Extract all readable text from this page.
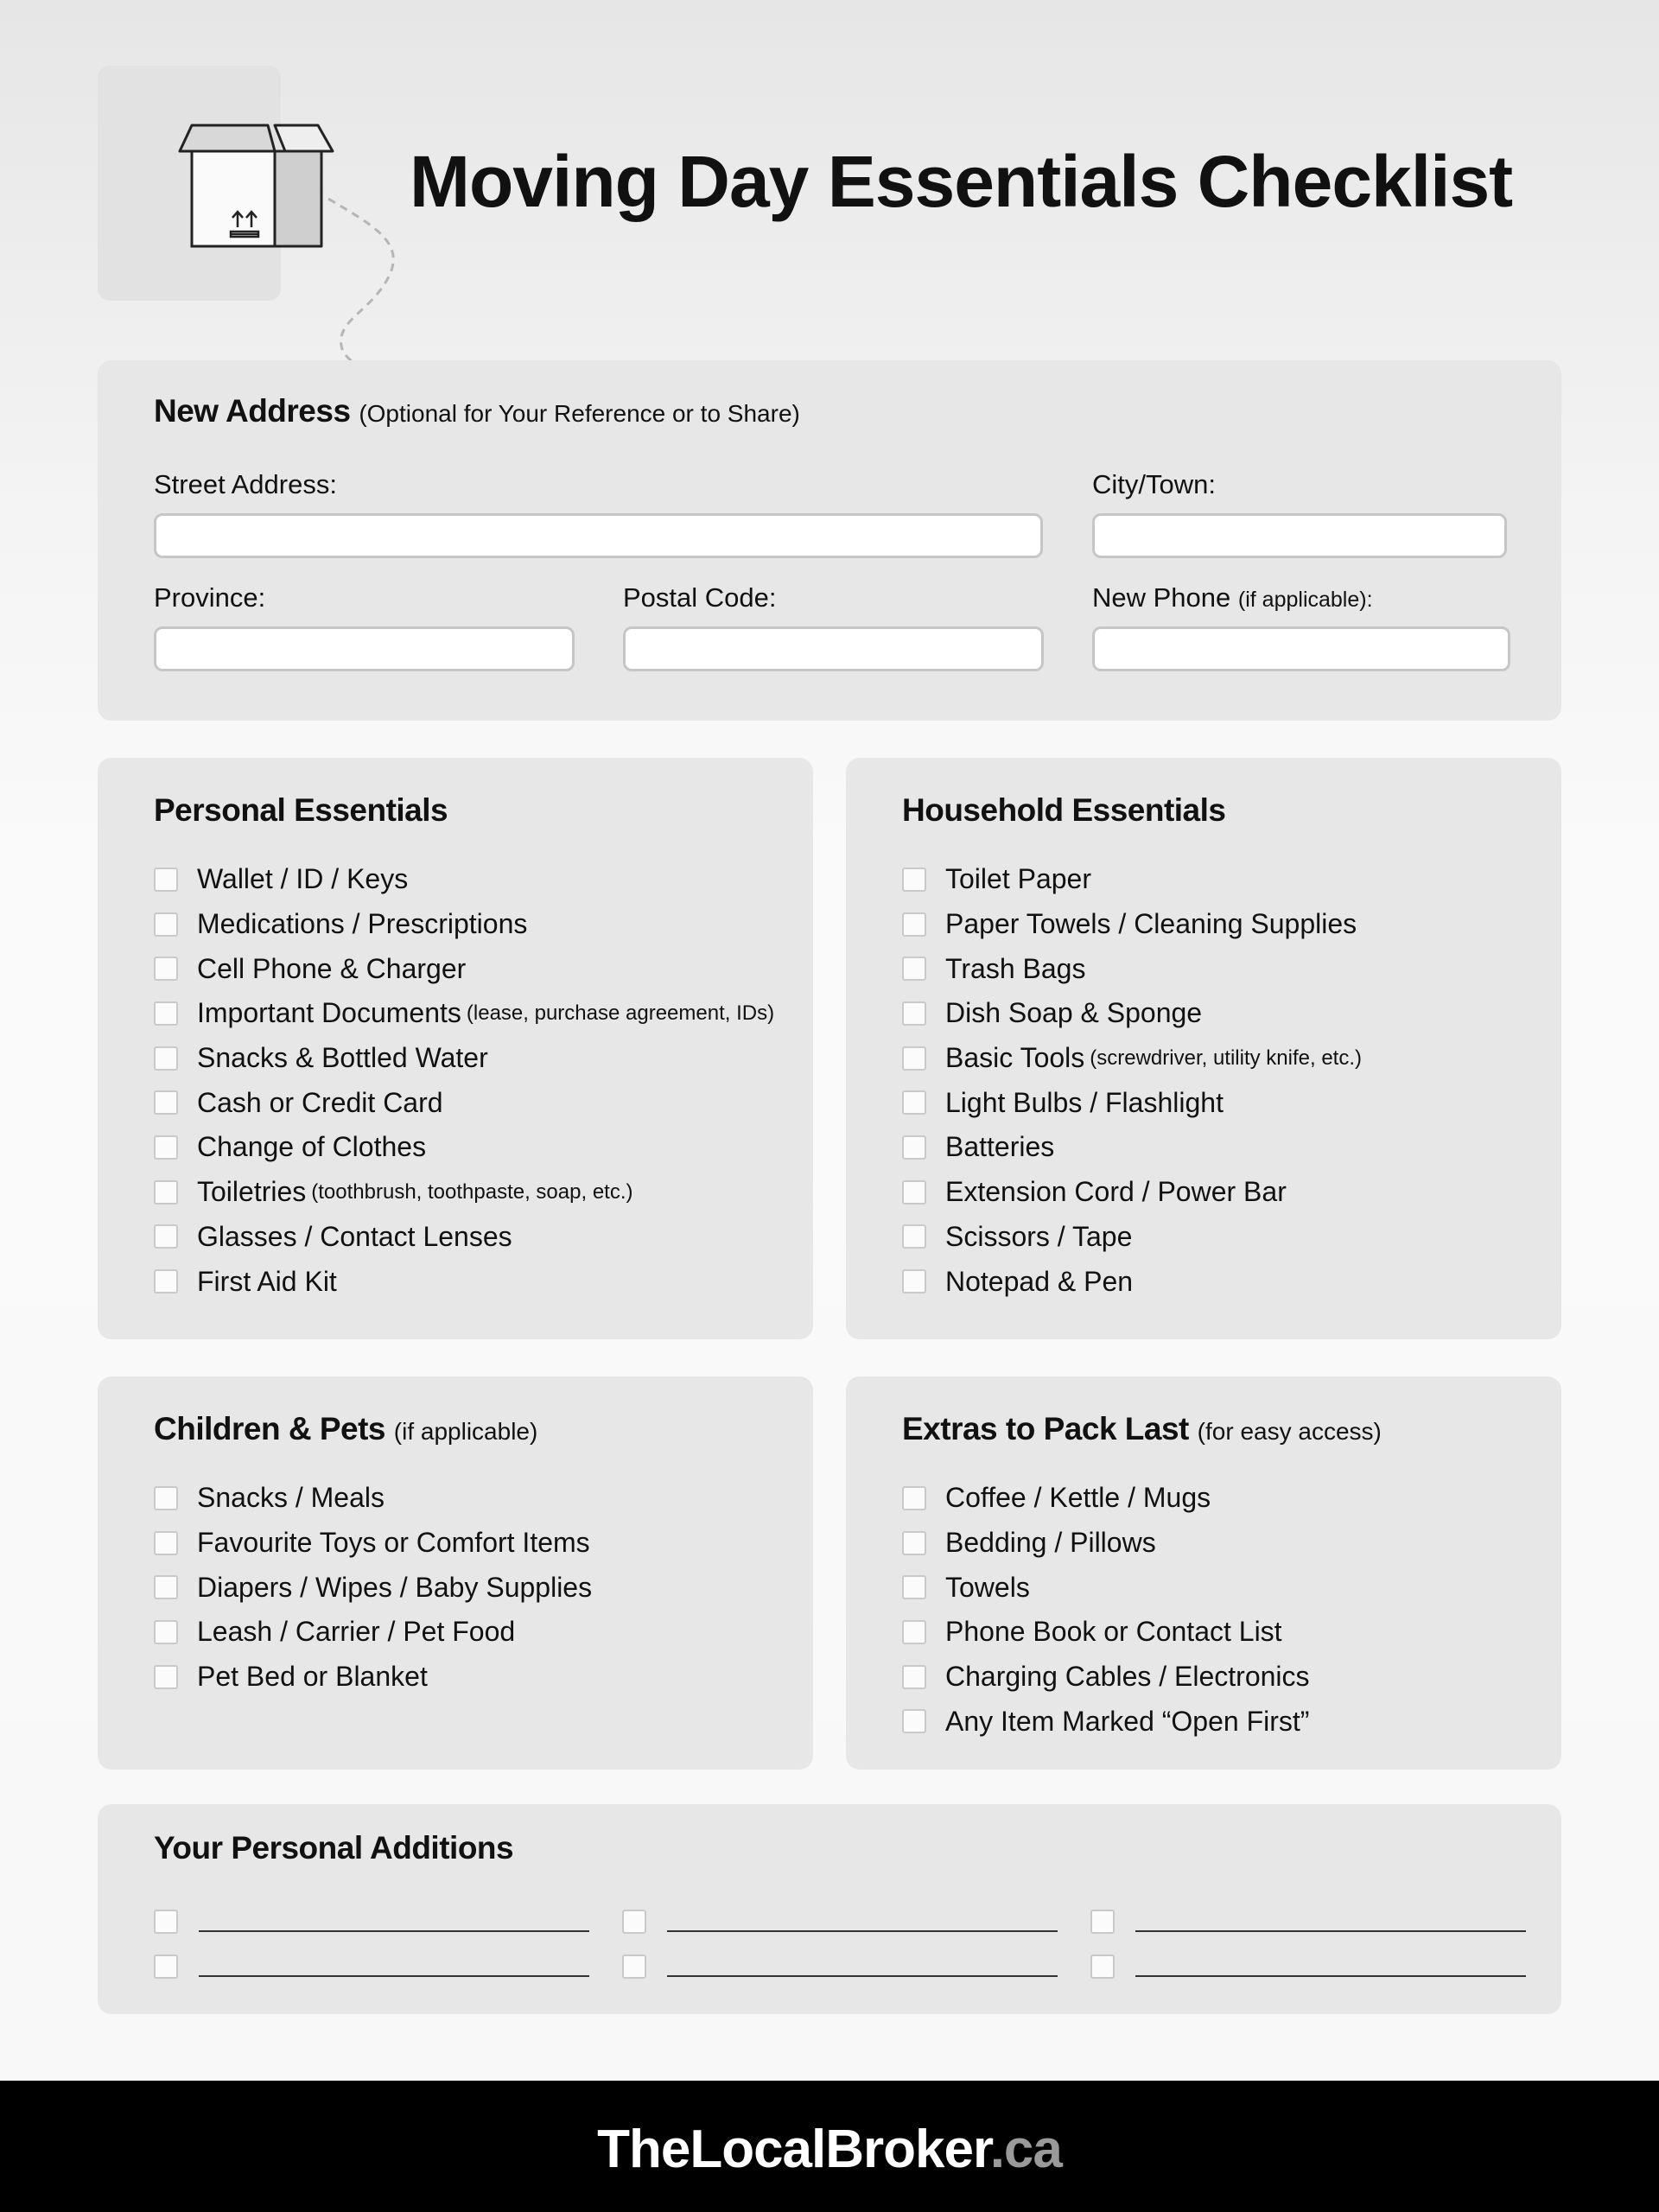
Moving Day Essentials Checklist
New Address (Optional for Your Reference or to Share)
Street Address:	City/Town:
Province:	Postal Code:	New Phone (if applicable):
Personal Essentials
Wallet / ID / Keys
Medications / Prescriptions
Cell Phone & Charger
Important Documents (lease, purchase agreement, IDs)
Snacks & Bottled Water
Cash or Credit Card
Change of Clothes
Toiletries (toothbrush, toothpaste, soap, etc.)
Glasses / Contact Lenses
First Aid Kit
Household Essentials
Toilet Paper
Paper Towels / Cleaning Supplies
Trash Bags
Dish Soap & Sponge
Basic Tools (screwdriver, utility knife, etc.)
Light Bulbs / Flashlight
Batteries
Extension Cord / Power Bar
Scissors / Tape
Notepad & Pen
Children & Pets (if applicable)
Snacks / Meals
Favourite Toys or Comfort Items
Diapers / Wipes / Baby Supplies
Leash / Carrier / Pet Food
Pet Bed or Blanket
Extras to Pack Last (for easy access)
Coffee / Kettle / Mugs
Bedding / Pillows
Towels
Phone Book or Contact List
Charging Cables / Electronics
Any Item Marked “Open First”
Your Personal Additions
TheLocalBroker.ca
